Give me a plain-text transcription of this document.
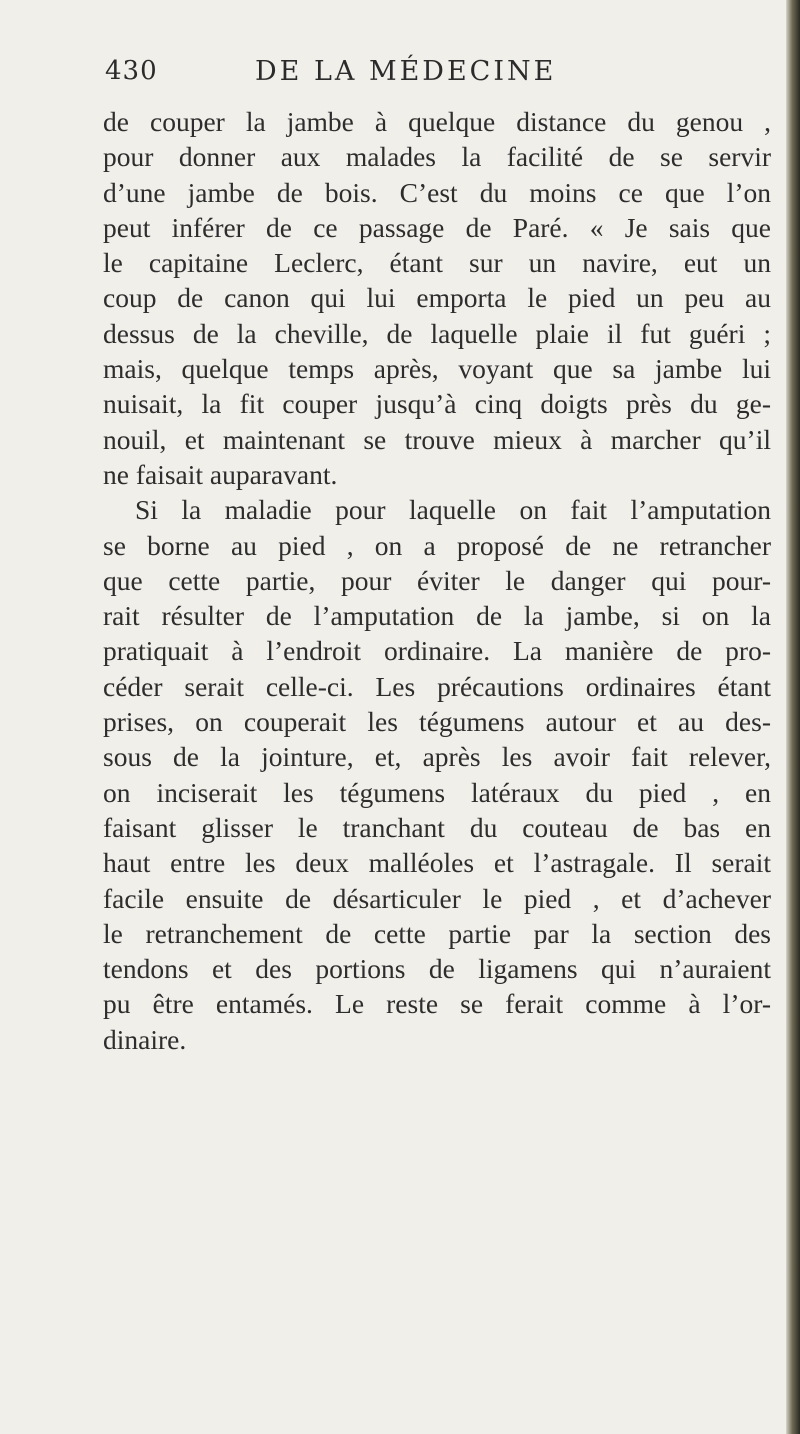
430	DE LA MÉDECINE
de couper la jambe à quelque distance du genou ,
pour donner aux malades la facilité de se servir
d’une jambe de bois. C’est du moins ce que l’on
peut inférer de ce passage de Paré. « Je sais que
le capitaine Leclerc, étant sur un navire, eut un
coup de canon qui lui emporta le pied un peu au
dessus de la cheville, de laquelle plaie il fut guéri ;
mais, quelque temps après, voyant que sa jambe lui
nuisait, la fit couper jusqu’à cinq doigts près du ge-
nouil, et maintenant se trouve mieux à marcher qu’il
ne faisait auparavant.
Si la maladie pour laquelle on fait l’amputation
se borne au pied , on a proposé de ne retrancher
que cette partie, pour éviter le danger qui pour-
rait résulter de l’amputation de la jambe, si on la
pratiquait à l’endroit ordinaire. La manière de pro-
céder serait celle-ci. Les précautions ordinaires étant
prises, on couperait les tégumens autour et au des-
sous de la jointure, et, après les avoir fait relever,
on inciserait les tégumens latéraux du pied , en
faisant glisser le tranchant du couteau de bas en
haut entre les deux malléoles et l’astragale. Il serait
facile ensuite de désarticuler le pied , et d’achever
le retranchement de cette partie par la section des
tendons et des portions de ligamens qui n’auraient
pu être entamés. Le reste se ferait comme à l’or-
dinaire.
